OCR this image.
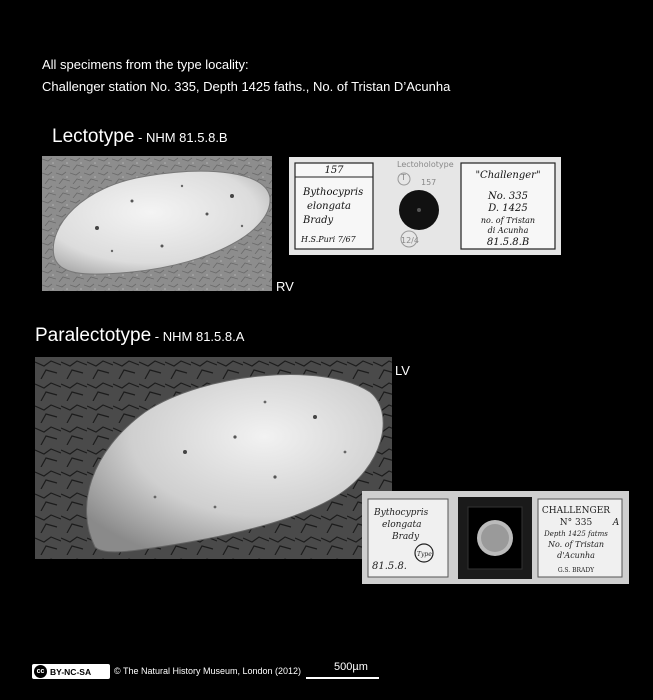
All specimens from the type locality:
Challenger station No. 335, Depth 1425 faths., No. of Tristan D’Acunha
Lectotype - NHM 81.5.8.B
RV
157
Bythocypris
elongata
Brady
H.S.Puri 7/67
Lectoholotype
157
T
12/4
"Challenger"
No. 335
D. 1425
no. of Tristan
di Acunha
81.5.8.B
Paralectotype - NHM 81.5.8.A
LV
Bythocypris
elongata
Brady
81.5.8.
Type
CHALLENGER
N° 335
Depth 1425 fatms
No. of Tristan
d'Acunha
G.S. BRADY
A
cc BY-NC-SA	© The Natural History Museum, London (2012)	500µm
